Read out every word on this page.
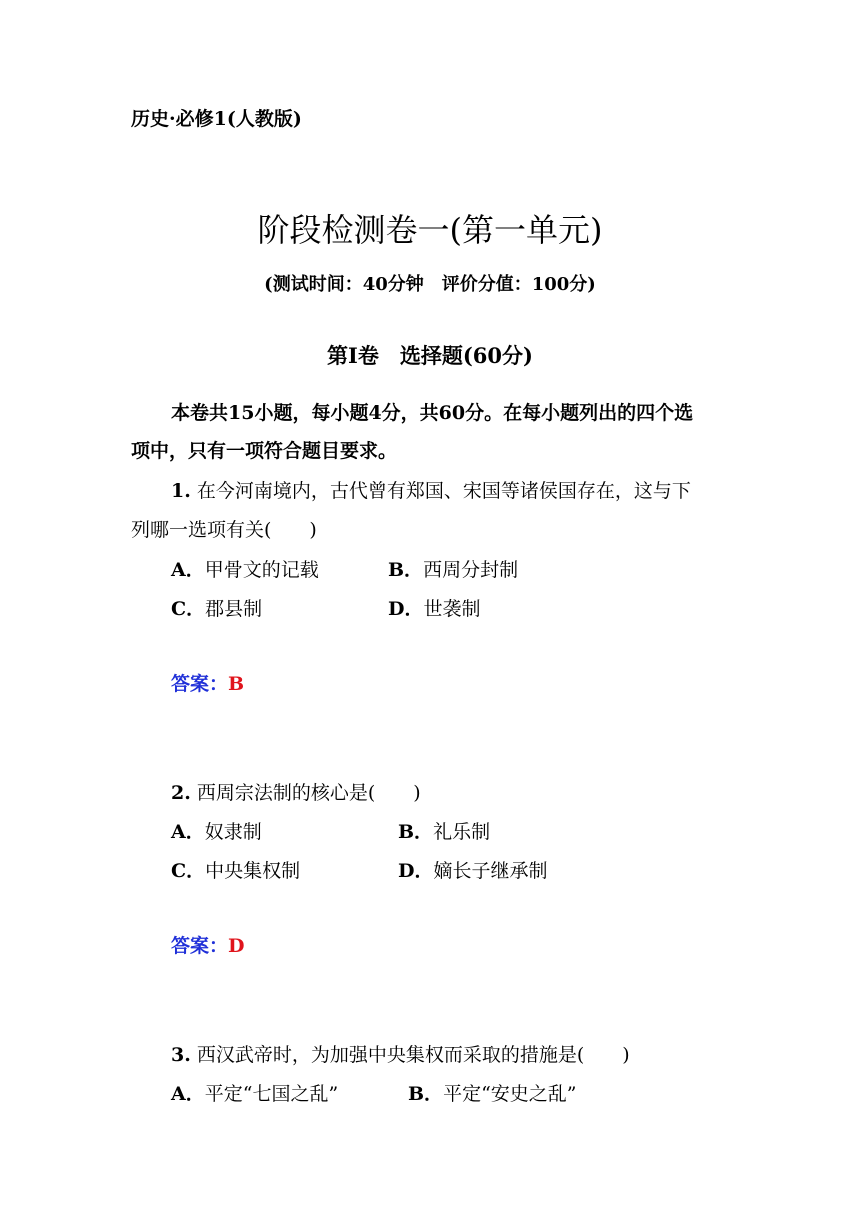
历史·必修1(人教版)
阶段检测卷一(第一单元)
(测试时间：40分钟　评价分值：100分)
第Ⅰ卷　选择题(60分)
本卷共15小题，每小题4分，共60分。在每小题列出的四个选
项中，只有一项符合题目要求。
1. 在今河南境内，古代曾有郑国、宋国等诸侯国存在，这与下
列哪一选项有关(　　)
A．甲骨文的记载	B．西周分封制
C．郡县制	D．世袭制
答案：B
2. 西周宗法制的核心是(　　)
A．奴隶制	B．礼乐制
C．中央集权制	D．嫡长子继承制
答案：D
3. 西汉武帝时，为加强中央集权而采取的措施是(　　)
A．平定“七国之乱”	B．平定“安史之乱”
